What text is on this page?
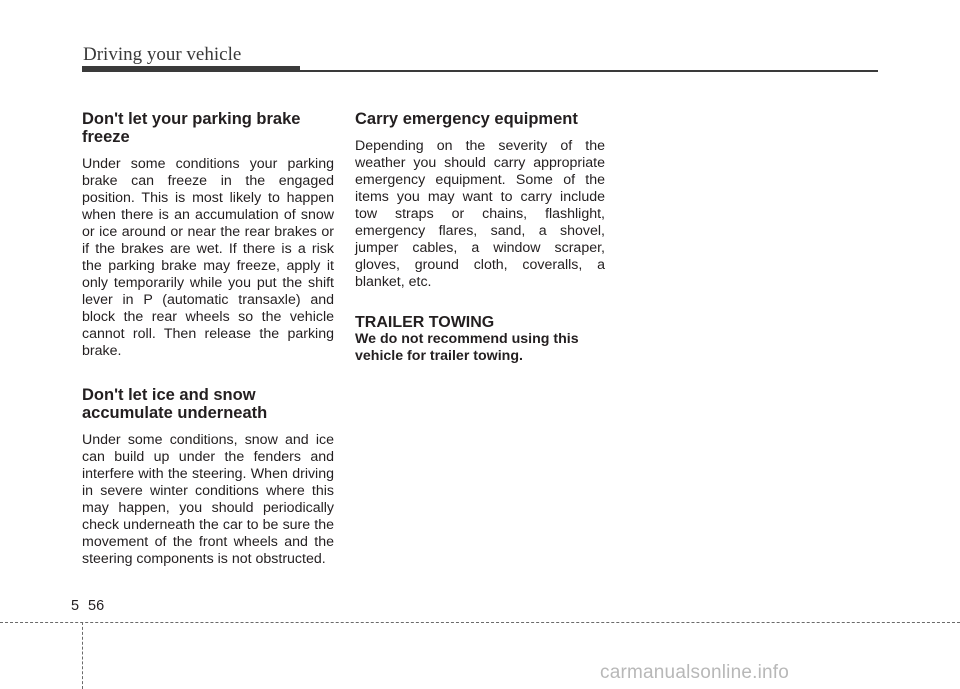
Driving your vehicle
Don't let your parking brake freeze

Under some conditions your parking brake can freeze in the engaged position. This is most likely to happen when there is an accumulation of snow or ice around or near the rear brakes or if the brakes are wet. If there is a risk the parking brake may freeze, apply it only temporarily while you put the shift lever in P (automatic transaxle) and block the rear wheels so the vehicle cannot roll. Then release the parking brake.

Don't let ice and snow accumulate underneath

Under some conditions, snow and ice can build up under the fenders and interfere with the steering. When driving in severe winter conditions where this may happen, you should periodically check underneath the car to be sure the movement of the front wheels and the steering components is not obstructed.

Carry emergency equipment

Depending on the severity of the weather you should carry appropriate emergency equipment. Some of the items you may want to carry include tow straps or chains, flashlight, emergency flares, sand, a shovel, jumper cables, a window scraper, gloves, ground cloth, coveralls, a blanket, etc.

TRAILER TOWING

We do not recommend using this vehicle for trailer towing.

5 56
carmanualsonline.info
